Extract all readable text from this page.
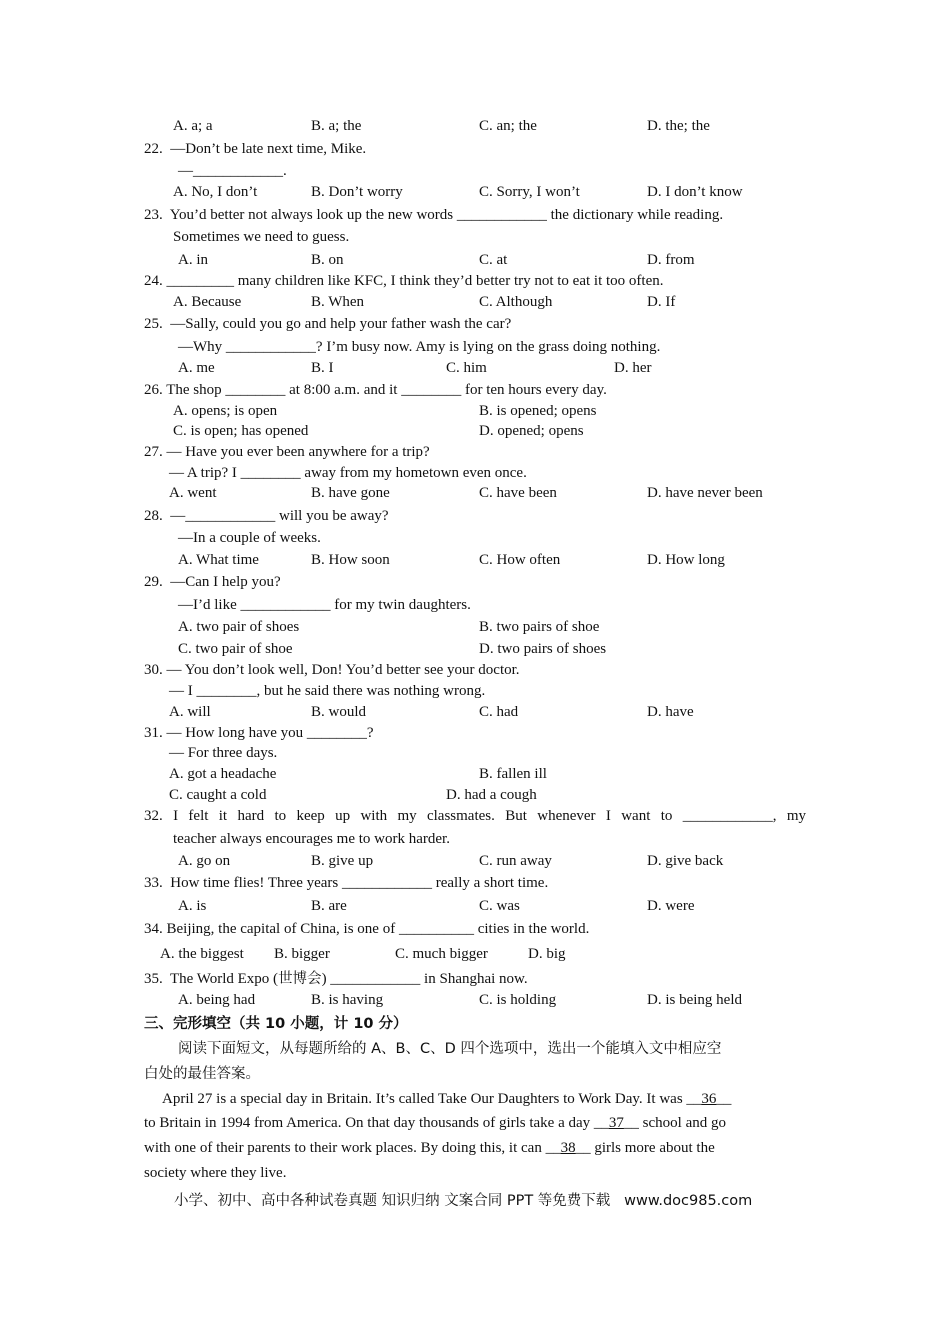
A. a; a	B. a; the	C. an; the	D. the; the
22.  —Don’t be late next time, Mike.
—____________.
A. No, I don’t	B. Don’t worry	C. Sorry, I won’t	D. I don’t know
23.  You’d better not always look up the new words ____________ the dictionary while reading.
Sometimes we need to guess.
A. in	B. on	C. at	D. from
24. _________ many children like KFC, I think they’d better try not to eat it too often.
A. Because	B. When	C. Although	D. If
25.  —Sally, could you go and help your father wash the car?
—Why ____________? I’m busy now. Amy is lying on the grass doing nothing.
A. me	B. I	C. him	D. her
26. The shop ________ at 8:00 a.m. and it ________ for ten hours every day.
A. opens; is open	B. is opened; opens
C. is open; has opened	D. opened; opens
27. — Have you ever been anywhere for a trip?
— A trip? I ________ away from my hometown even once.
A. went	B. have gone	C. have been	D. have never been
28.  —____________ will you be away?
—In a couple of weeks.
A. What time	B. How soon	C. How often	D. How long
29.  —Can I help you?
—I’d like ____________ for my twin daughters.
A. two pair of shoes	B. two pairs of shoe
C. two pair of shoe	D. two pairs of shoes
30. — You don’t look well, Don! You’d better see your doctor.
— I ________, but he said there was nothing wrong.
A. will	B. would	C. had	D. have
31. — How long have you ________?
— For three days.
A. got a headache	B. fallen ill
C. caught a cold	D. had a cough
32. I felt it hard to keep up with my classmates. But whenever I want to ____________, my
teacher always encourages me to work harder.
A. go on	B. give up	C. run away	D. give back
33.  How time flies! Three years ____________ really a short time.
A. is	B. are	C. was	D. were
34. Beijing, the capital of China, is one of __________ cities in the world.
A. the biggest B. bigger	C. much bigger	D. big
35.  The World Expo (世博会) ____________ in Shanghai now.
A. being had	B. is having	C. is holding	D. is being held
三、完形填空（共 10 小题，计 10 分）
阅读下面短文，从每题所给的 A、B、C、D 四个选项中，选出一个能填入文中相应空
白处的最佳答案。
April 27 is a special day in Britain. It’s called Take Our Daughters to Work Day. It was __36__
to Britain in 1994 from America. On that day thousands of girls take a day __37__ school and go
with one of their parents to their work places. By doing this, it can __38__ girls more about the
society where they live.
小学、初中、高中各种试卷真题 知识归纳 文案合同 PPT 等免费下载   www.doc985.com
